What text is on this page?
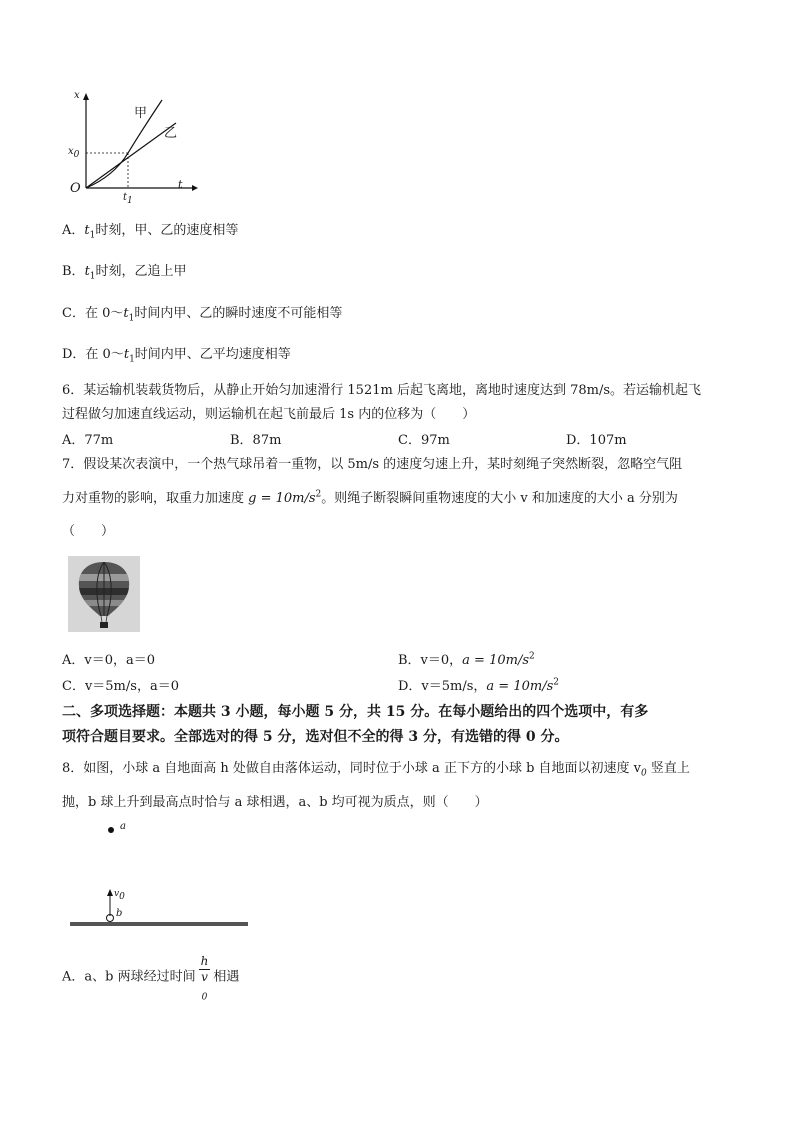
x
t
O
$x_0$
$t_1$
甲
乙
A．$t_1$时刻，甲、乙的速度相等
B．$t_1$时刻，乙追上甲
C．在 $0\sim t_1$时间内甲、乙的瞬时速度不可能相等
D．在 $0\sim t_1$时间内甲、乙平均速度相等
6．某运输机装载货物后，从静止开始匀加速滑行 1521m 后起飞离地，离地时速度达到 78m/s。若运输机起飞
过程做匀加速直线运动，则运输机在起飞前最后 1s 内的位移为（　　）
A．77m	B．87m	C．97m	D．107m
7．假设某次表演中，一个热气球吊着一重物，以 5m/s 的速度匀速上升，某时刻绳子突然断裂，忽略空气阻
力对重物的影响，取重力加速度 $g = 10m/s^2$。则绳子断裂瞬间重物速度的大小 v 和加速度的大小 a 分别为
（　　）
A．v＝0，a＝0	B．v＝0，$a = 10m/s^2$
C．v＝5m/s，a＝0	D．v＝5m/s，$a = 10m/s^2$
二、多项选择题：本题共 3 小题，每小题 5 分，共 15 分。在每小题给出的四个选项中，有多
项符合题目要求。全部选对的得 5 分，选对但不全的得 3 分，有选错的得 0 分。
8．如图，小球 a 自地面高 h 处做自由落体运动，同时位于小球 a 正下方的小球 b 自地面以初速度 $v_0$ 竖直上
抛，b 球上升到最高点时恰与 a 球相遇，a、b 均可视为质点，则（　　）
a
b
$v_0$
A．a、b 两球经过时间 h
v
$_0$ 相遇
